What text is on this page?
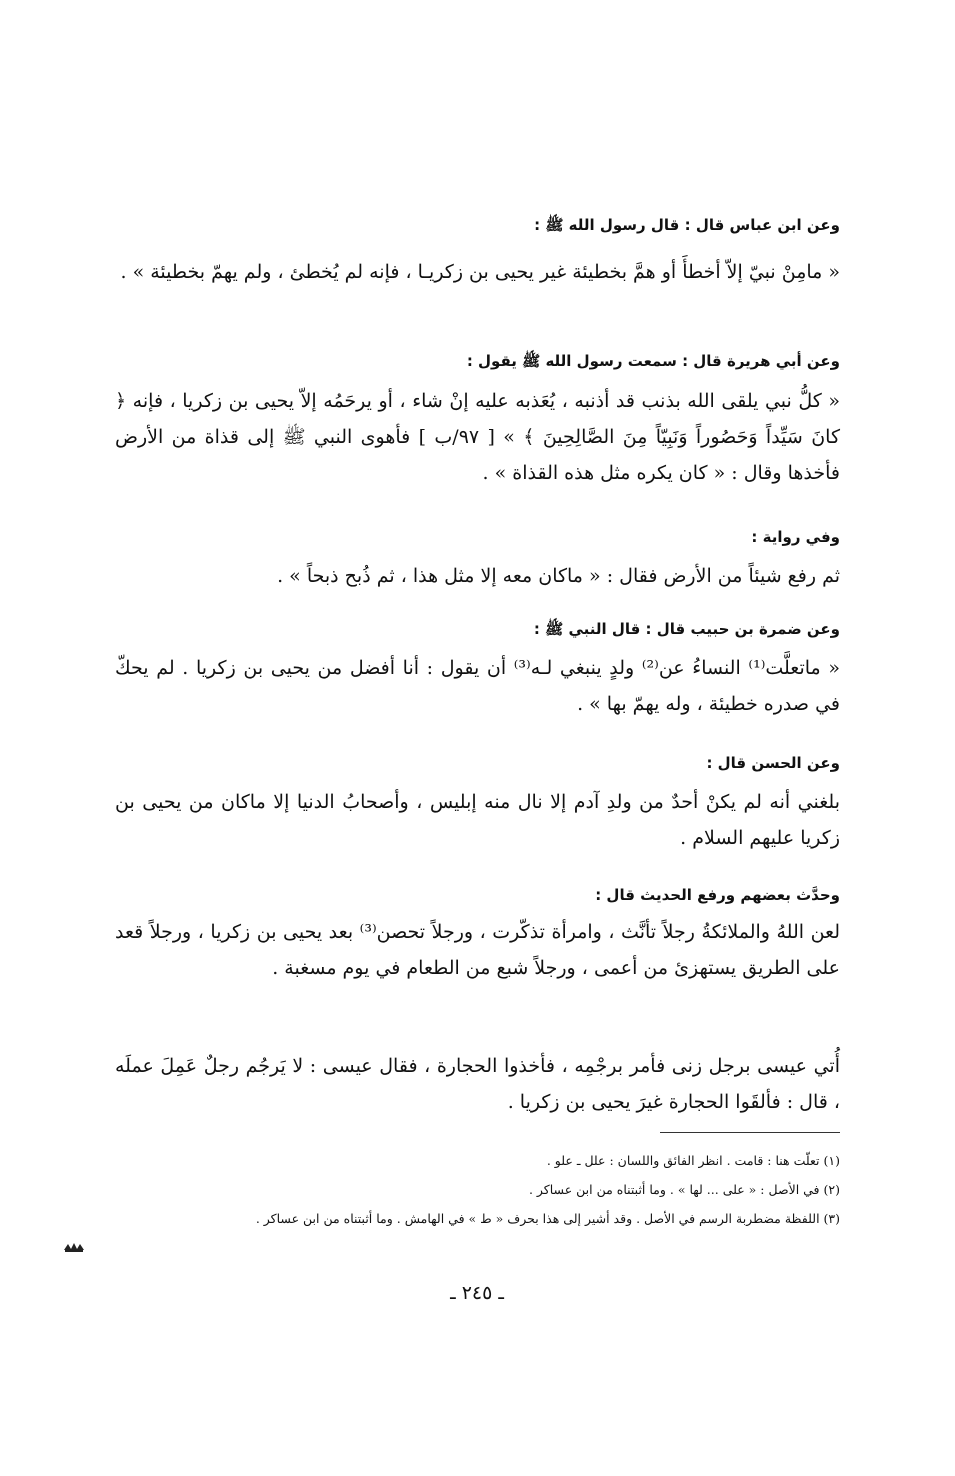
وعن ابن عباس قال : قال رسول الله ﷺ :
« مامِنْ نبيّ إلاّ أخطأَ أو همَّ بخطيئة غير يحيى بن زكريـا ، فإنه لم يُخطئ ، ولم يهمّ بخطيئة » .
وعن أبي هريرة قال : سمعت رسول الله ﷺ يقول :
« كلُّ نبي يلقى الله بذنب قد أذنبه ، يُعَذبه عليه إنْ شاء ، أو يرحَمُه إلاّ يحيى بن زكريا ، فإنه ﴿ كانَ سَيِّداً وَحَصُوراً وَنَبِيّاً مِنَ الصَّالِحِينَ ﴾ » [ ٩٧/ب ] فأهوى النبي ﷺ إلى قذاة من الأرض فأخذها وقال : « كان يكره مثل هذه القذاة » .
وفي رواية :
ثم رفع شيئاً من الأرض فقال : « ماكان معه إلا مثل هذا ، ثم ذُبح ذبحاً » .
وعن ضمرة بن حبيب قال : قال النبي ﷺ :
« ماتعلَّت⁽¹⁾ النساءُ عن⁽²⁾ ولدٍ ينبغي لـه⁽³⁾ أن يقول : أنا أفضل من يحيى بن زكريا . لم يحكّ في صدره خطيئة ، وله يهمّ بها » .
وعن الحسن قال :
بلغني أنه لم يكنْ أحدٌ من ولدِ آدم إلا نال منه إبليس ، وأصحابُ الدنيا إلا ماكان من يحيى بن زكريا عليهم السلام .
وحدَّث بعضهم ورفع الحديث قال :
لعن اللهُ والملائكةُ رجلاً تأنَّث ، وامرأة تذكّرت ، ورجلاً تحصن⁽³⁾ بعد يحيى بن زكريا ، ورجلاً قعد على الطريق يستهزئ من أعمى ، ورجلاً شبع من الطعام في يوم مسغبة .
أُتي عيسى برجل زنى فأمر برجْمِه ، فأخذوا الحجارة ، فقال عيسى : لا يَرجُم رجلٌ عَمِلَ عملَه ، قال : فألقَوا الحجارة غيرَ يحيى بن زكريا .
(١) تعلّت هنا : قامت . انظر الفائق واللسان : علل ـ علو .
(٢) في الأصل : « على ... لها » . وما أثبتناه من ابن عساكر .
(٣) اللفظة مضطربة الرسم في الأصل . وقد أشير إلى هذا بحرف « ط » في الهامش . وما أثبتناه من ابن عساكر .
ـ ٢٤٥ ـ
